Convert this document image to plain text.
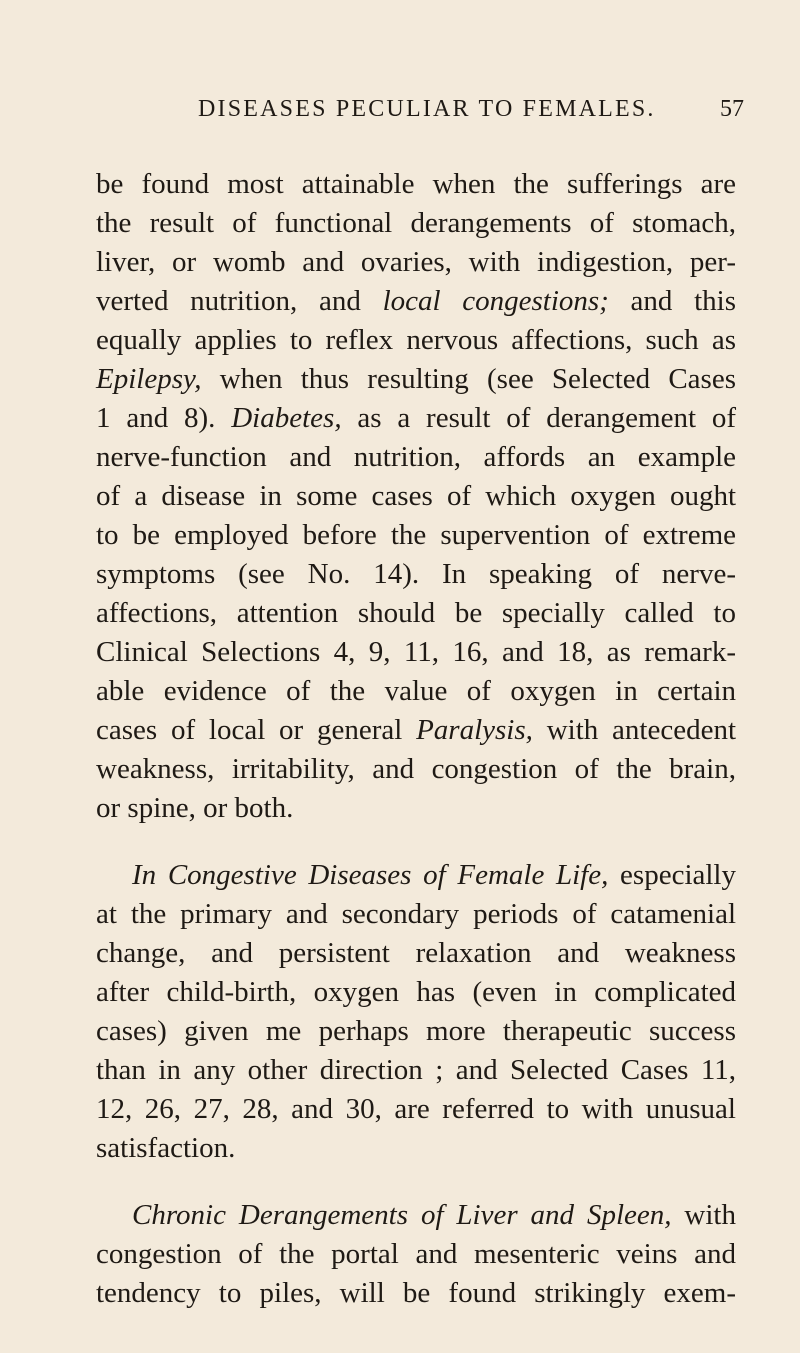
DISEASES PECULIAR TO FEMALES.	57
be found most attainable when the sufferings are
the result of functional derangements of stomach,
liver, or womb and ovaries, with indigestion, per-
verted nutrition, and local congestions; and this
equally applies to reflex nervous affections, such as
Epilepsy, when thus resulting (see Selected Cases
1 and 8). Diabetes, as a result of derangement of
nerve-function and nutrition, affords an example
of a disease in some cases of which oxygen ought
to be employed before the supervention of extreme
symptoms (see No. 14). In speaking of nerve-
affections, attention should be specially called to
Clinical Selections 4, 9, 11, 16, and 18, as remark-
able evidence of the value of oxygen in certain
cases of local or general Paralysis, with antecedent
weakness, irritability, and congestion of the brain,
or spine, or both.
In Congestive Diseases of Female Life, especially
at the primary and secondary periods of catamenial
change, and persistent relaxation and weakness
after child-birth, oxygen has (even in complicated
cases) given me perhaps more therapeutic success
than in any other direction ; and Selected Cases 11,
12, 26, 27, 28, and 30, are referred to with unusual
satisfaction.
Chronic Derangements of Liver and Spleen, with
congestion of the portal and mesenteric veins and
tendency to piles, will be found strikingly exem-
